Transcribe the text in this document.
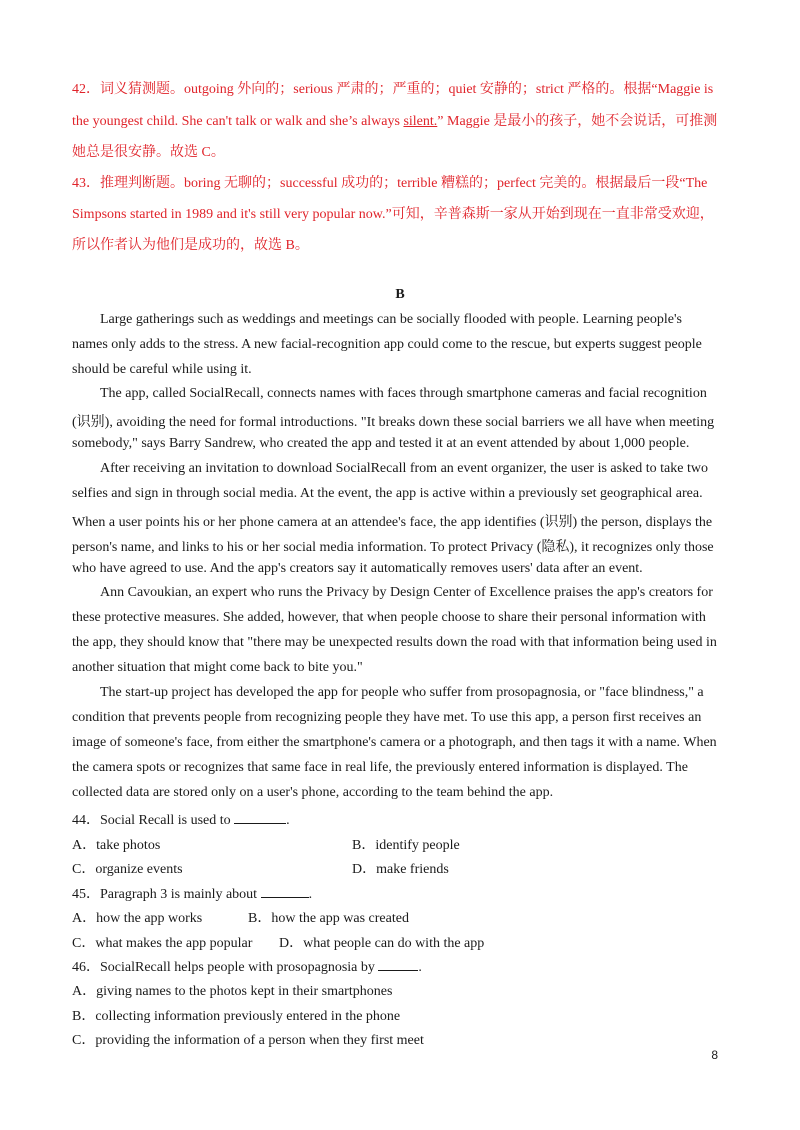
42．词义猜测题。outgoing 外向的；serious 严肃的；严重的；quiet 安静的；strict 严格的。根据“Maggie is
the youngest child. She can't talk or walk and she’s always silent.” Maggie 是最小的孩子，她不会说话，可推测
她总是很安静。故选 C。
43．推理判断题。boring 无聊的；successful 成功的；terrible 糟糕的；perfect 完美的。根据最后一段“The
Simpsons started in 1989 and it's still very popular now.”可知，辛普森斯一家从开始到现在一直非常受欢迎，
所以作者认为他们是成功的，故选 B。
B
Large gatherings such as weddings and meetings can be socially flooded with people. Learning people's
names only adds to the stress. A new facial-recognition app could come to the rescue, but experts suggest people
should be careful while using it.
The app, called SocialRecall, connects names with faces through smartphone cameras and facial recognition
(识别), avoiding the need for formal introductions. "It breaks down these social barriers we all have when meeting
somebody," says Barry Sandrew, who created the app and tested it at an event attended by about 1,000 people.
After receiving an invitation to download SocialRecall from an event organizer, the user is asked to take two
selfies and sign in through social media. At the event, the app is active within a previously set geographical area.
When a user points his or her phone camera at an attendee's face, the app identifies (识别) the person, displays the
person's name, and links to his or her social media information. To protect Privacy (隐私), it recognizes only those
who have agreed to use. And the app's creators say it automatically removes users' data after an event.
Ann Cavoukian, an expert who runs the Privacy by Design Center of Excellence praises the app's creators for
these protective measures. She added, however, that when people choose to share their personal information with
the app, they should know that "there may be unexpected results down the road with that information being used in
another situation that might come back to bite you."
The start-up project has developed the app for people who suffer from prosopagnosia, or "face blindness," a
condition that prevents people from recognizing people they have met. To use this app, a person first receives an
image of someone's face, from either the smartphone's camera or a photograph, and then tags it with a name. When
the camera spots or recognizes that same face in real life, the previously entered information is displayed. The
collected data are stored only on a user's phone, according to the team behind the app.
44．Social Recall is used to	.
A．take photos	B．identify people
C．organize events	D．make friends
45．Paragraph 3 is mainly about	.
A．how the app works	B．how the app was created
C．what makes the app popular D．what people can do with the app
46．SocialRecall helps people with prosopagnosia by	.
A．giving names to the photos kept in their smartphones
B．collecting information previously entered in the phone
C．providing the information of a person when they first meet
8
